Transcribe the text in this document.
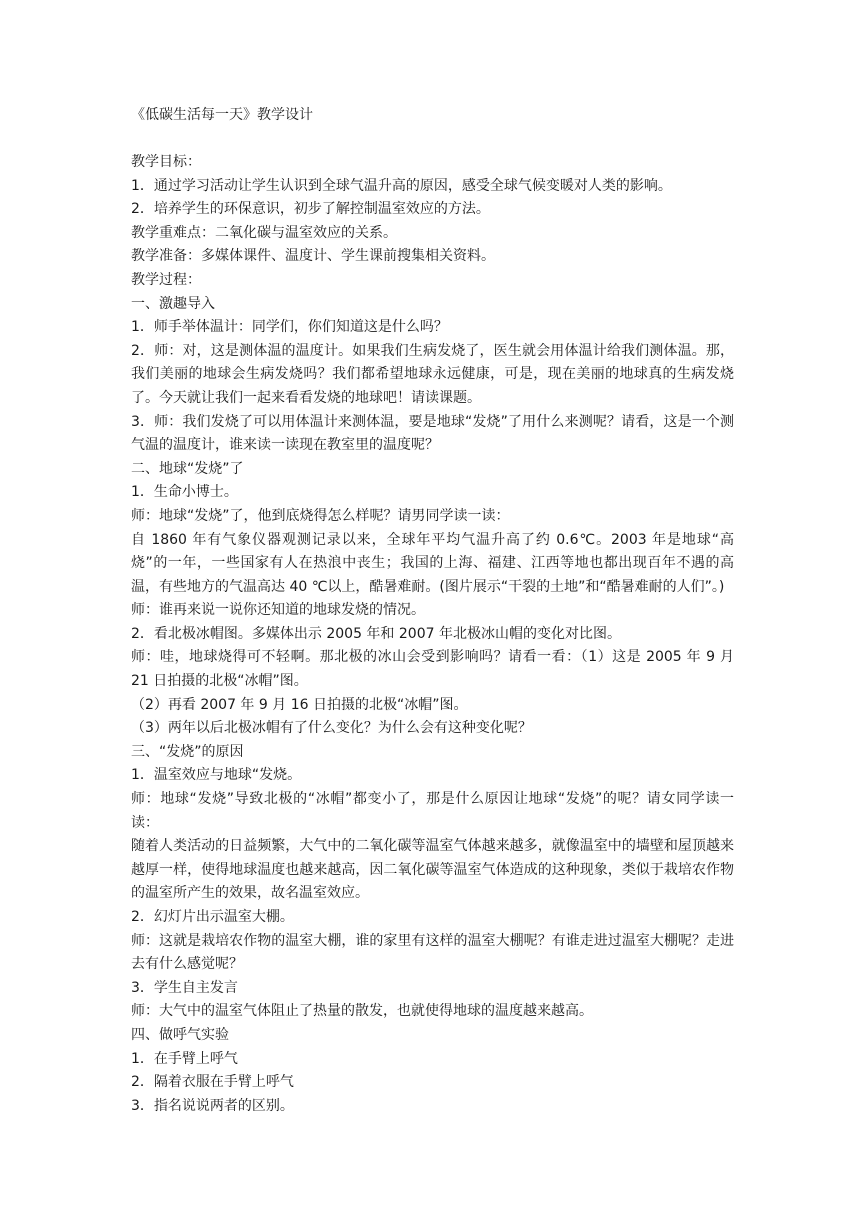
《低碳生活每一天》教学设计

教学目标：

1．通过学习活动让学生认识到全球气温升高的原因，感受全球气候变暖对人类的影响。

2．培养学生的环保意识，初步了解控制温室效应的方法。

教学重难点：二氧化碳与温室效应的关系。

教学准备：多媒体课件、温度计、学生课前搜集相关资料。

教学过程：

一、激趣导入

1．师手举体温计：同学们，你们知道这是什么吗？

2．师：对，这是测体温的温度计。如果我们生病发烧了，医生就会用体温计给我们测体温。那，我们美丽的地球会生病发烧吗？我们都希望地球永远健康，可是，现在美丽的地球真的生病发烧了。今天就让我们一起来看看发烧的地球吧！请读课题。

3．师：我们发烧了可以用体温计来测体温，要是地球“发烧”了用什么来测呢？请看，这是一个测气温的温度计，谁来读一读现在教室里的温度呢？

二、地球“发烧”了

1．生命小博士。

师：地球“发烧”了，他到底烧得怎么样呢？请男同学读一读：

自 1860 年有气象仪器观测记录以来，全球年平均气温升高了约 0.6℃。2003 年是地球“高烧”的一年，一些国家有人在热浪中丧生；我国的上海、福建、江西等地也都出现百年不遇的高温，有些地方的气温高达 40 ℃以上，酷暑难耐。(图片展示“干裂的土地”和“酷暑难耐的人们”。)

师：谁再来说一说你还知道的地球发烧的情况。

2．看北极冰帽图。多媒体出示 2005 年和 2007 年北极冰山帽的变化对比图。

师：哇，地球烧得可不轻啊。那北极的冰山会受到影响吗？请看一看：（1）这是 2005 年 9 月 21 日拍摄的北极“冰帽”图。

（2）再看 2007 年 9 月 16 日拍摄的北极“冰帽”图。

（3）两年以后北极冰帽有了什么变化？为什么会有这种变化呢？

三、“发烧”的原因

1．温室效应与地球“发烧。

师：地球“发烧”导致北极的“冰帽”都变小了，那是什么原因让地球“发烧”的呢？请女同学读一读：

随着人类活动的日益频繁，大气中的二氧化碳等温室气体越来越多，就像温室中的墙壁和屋顶越来越厚一样，使得地球温度也越来越高，因二氧化碳等温室气体造成的这种现象，类似于栽培农作物的温室所产生的效果，故名温室效应。

2．幻灯片出示温室大棚。

师：这就是栽培农作物的温室大棚，谁的家里有这样的温室大棚呢？有谁走进过温室大棚呢？走进去有什么感觉呢？

3．学生自主发言

师：大气中的温室气体阻止了热量的散发，也就使得地球的温度越来越高。

四、做呼气实验

1．在手臂上呼气

2．隔着衣服在手臂上呼气

3．指名说说两者的区别。
